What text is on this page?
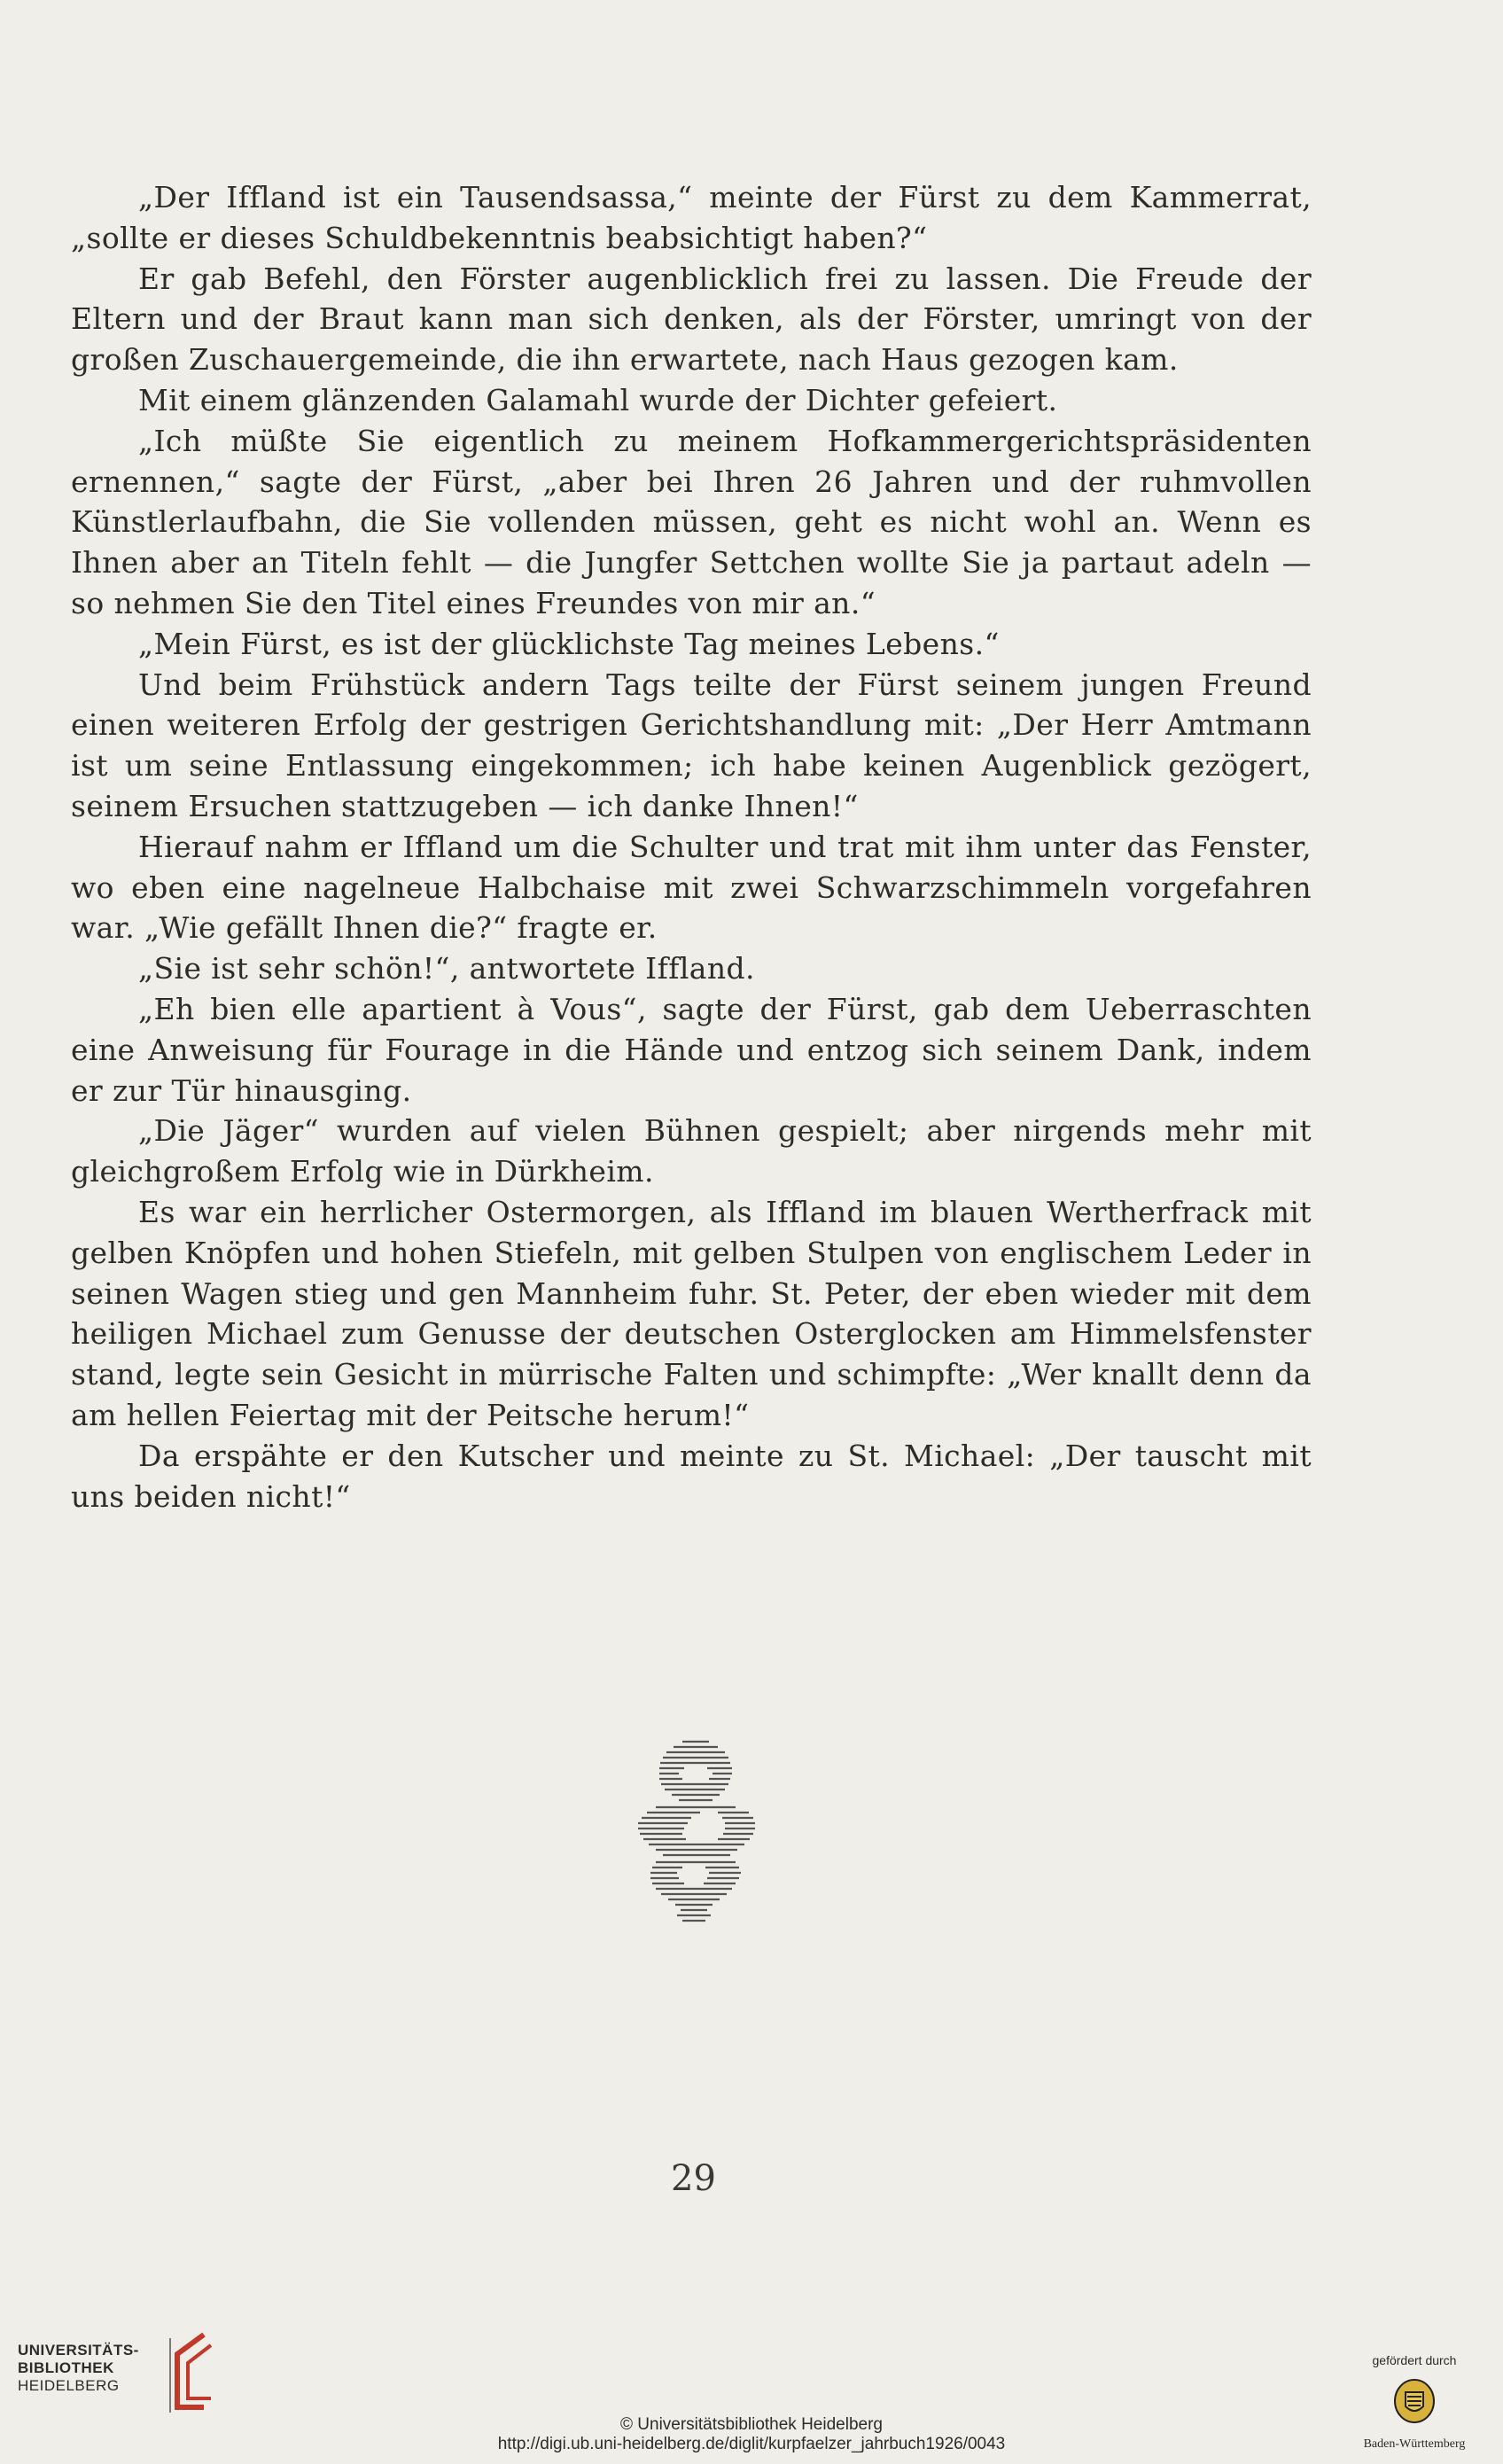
„Der Iffland ist ein Tausendsassa,“ meinte der Fürst zu dem Kammerrat, „sollte er dieses Schuldbekenntnis beabsichtigt haben?“

Er gab Befehl, den Förster augenblicklich frei zu lassen. Die Freude der Eltern und der Braut kann man sich denken, als der Förster, umringt von der großen Zuschauergemeinde, die ihn erwartete, nach Haus gezogen kam.

Mit einem glänzenden Galamahl wurde der Dichter gefeiert.

„Ich müßte Sie eigentlich zu meinem Hofkammergerichtspräsidenten ernennen,“ sagte der Fürst, „aber bei Ihren 26 Jahren und der ruhmvollen Künstlerlaufbahn, die Sie vollenden müssen, geht es nicht wohl an. Wenn es Ihnen aber an Titeln fehlt — die Jungfer Settchen wollte Sie ja partaut adeln — so nehmen Sie den Titel eines Freundes von mir an.“

„Mein Fürst, es ist der glücklichste Tag meines Lebens.“

Und beim Frühstück andern Tags teilte der Fürst seinem jungen Freund einen weiteren Erfolg der gestrigen Gerichtshandlung mit: „Der Herr Amtmann ist um seine Entlassung eingekommen; ich habe keinen Augenblick gezögert, seinem Ersuchen stattzugeben — ich danke Ihnen!“

Hierauf nahm er Iffland um die Schulter und trat mit ihm unter das Fenster, wo eben eine nagelneue Halbchaise mit zwei Schwarzschimmeln vorgefahren war. „Wie gefällt Ihnen die?“ fragte er.

„Sie ist sehr schön!“, antwortete Iffland.

„Eh bien elle apartient à Vous“, sagte der Fürst, gab dem Ueberraschten eine Anweisung für Fourage in die Hände und entzog sich seinem Dank, indem er zur Tür hinausging.

„Die Jäger“ wurden auf vielen Bühnen gespielt; aber nirgends mehr mit gleichgroßem Erfolg wie in Dürkheim.

Es war ein herrlicher Ostermorgen, als Iffland im blauen Wertherfrack mit gelben Knöpfen und hohen Stiefeln, mit gelben Stulpen von englischem Leder in seinen Wagen stieg und gen Mannheim fuhr. St. Peter, der eben wieder mit dem heiligen Michael zum Genusse der deutschen Osterglocken am Himmelsfenster stand, legte sein Gesicht in mürrische Falten und schimpfte: „Wer knallt denn da am hellen Feiertag mit der Peitsche herum!“

Da erspähte er den Kutscher und meinte zu St. Michael: „Der tauscht mit uns beiden nicht!“

29
UNIVERSITÄTS-
BIBLIOTHEK
HEIDELBERG
© Universitätsbibliothek Heidelberg
http://digi.ub.uni-heidelberg.de/diglit/kurpfaelzer_jahrbuch1926/0043
gefördert durch
Baden-Württemberg
